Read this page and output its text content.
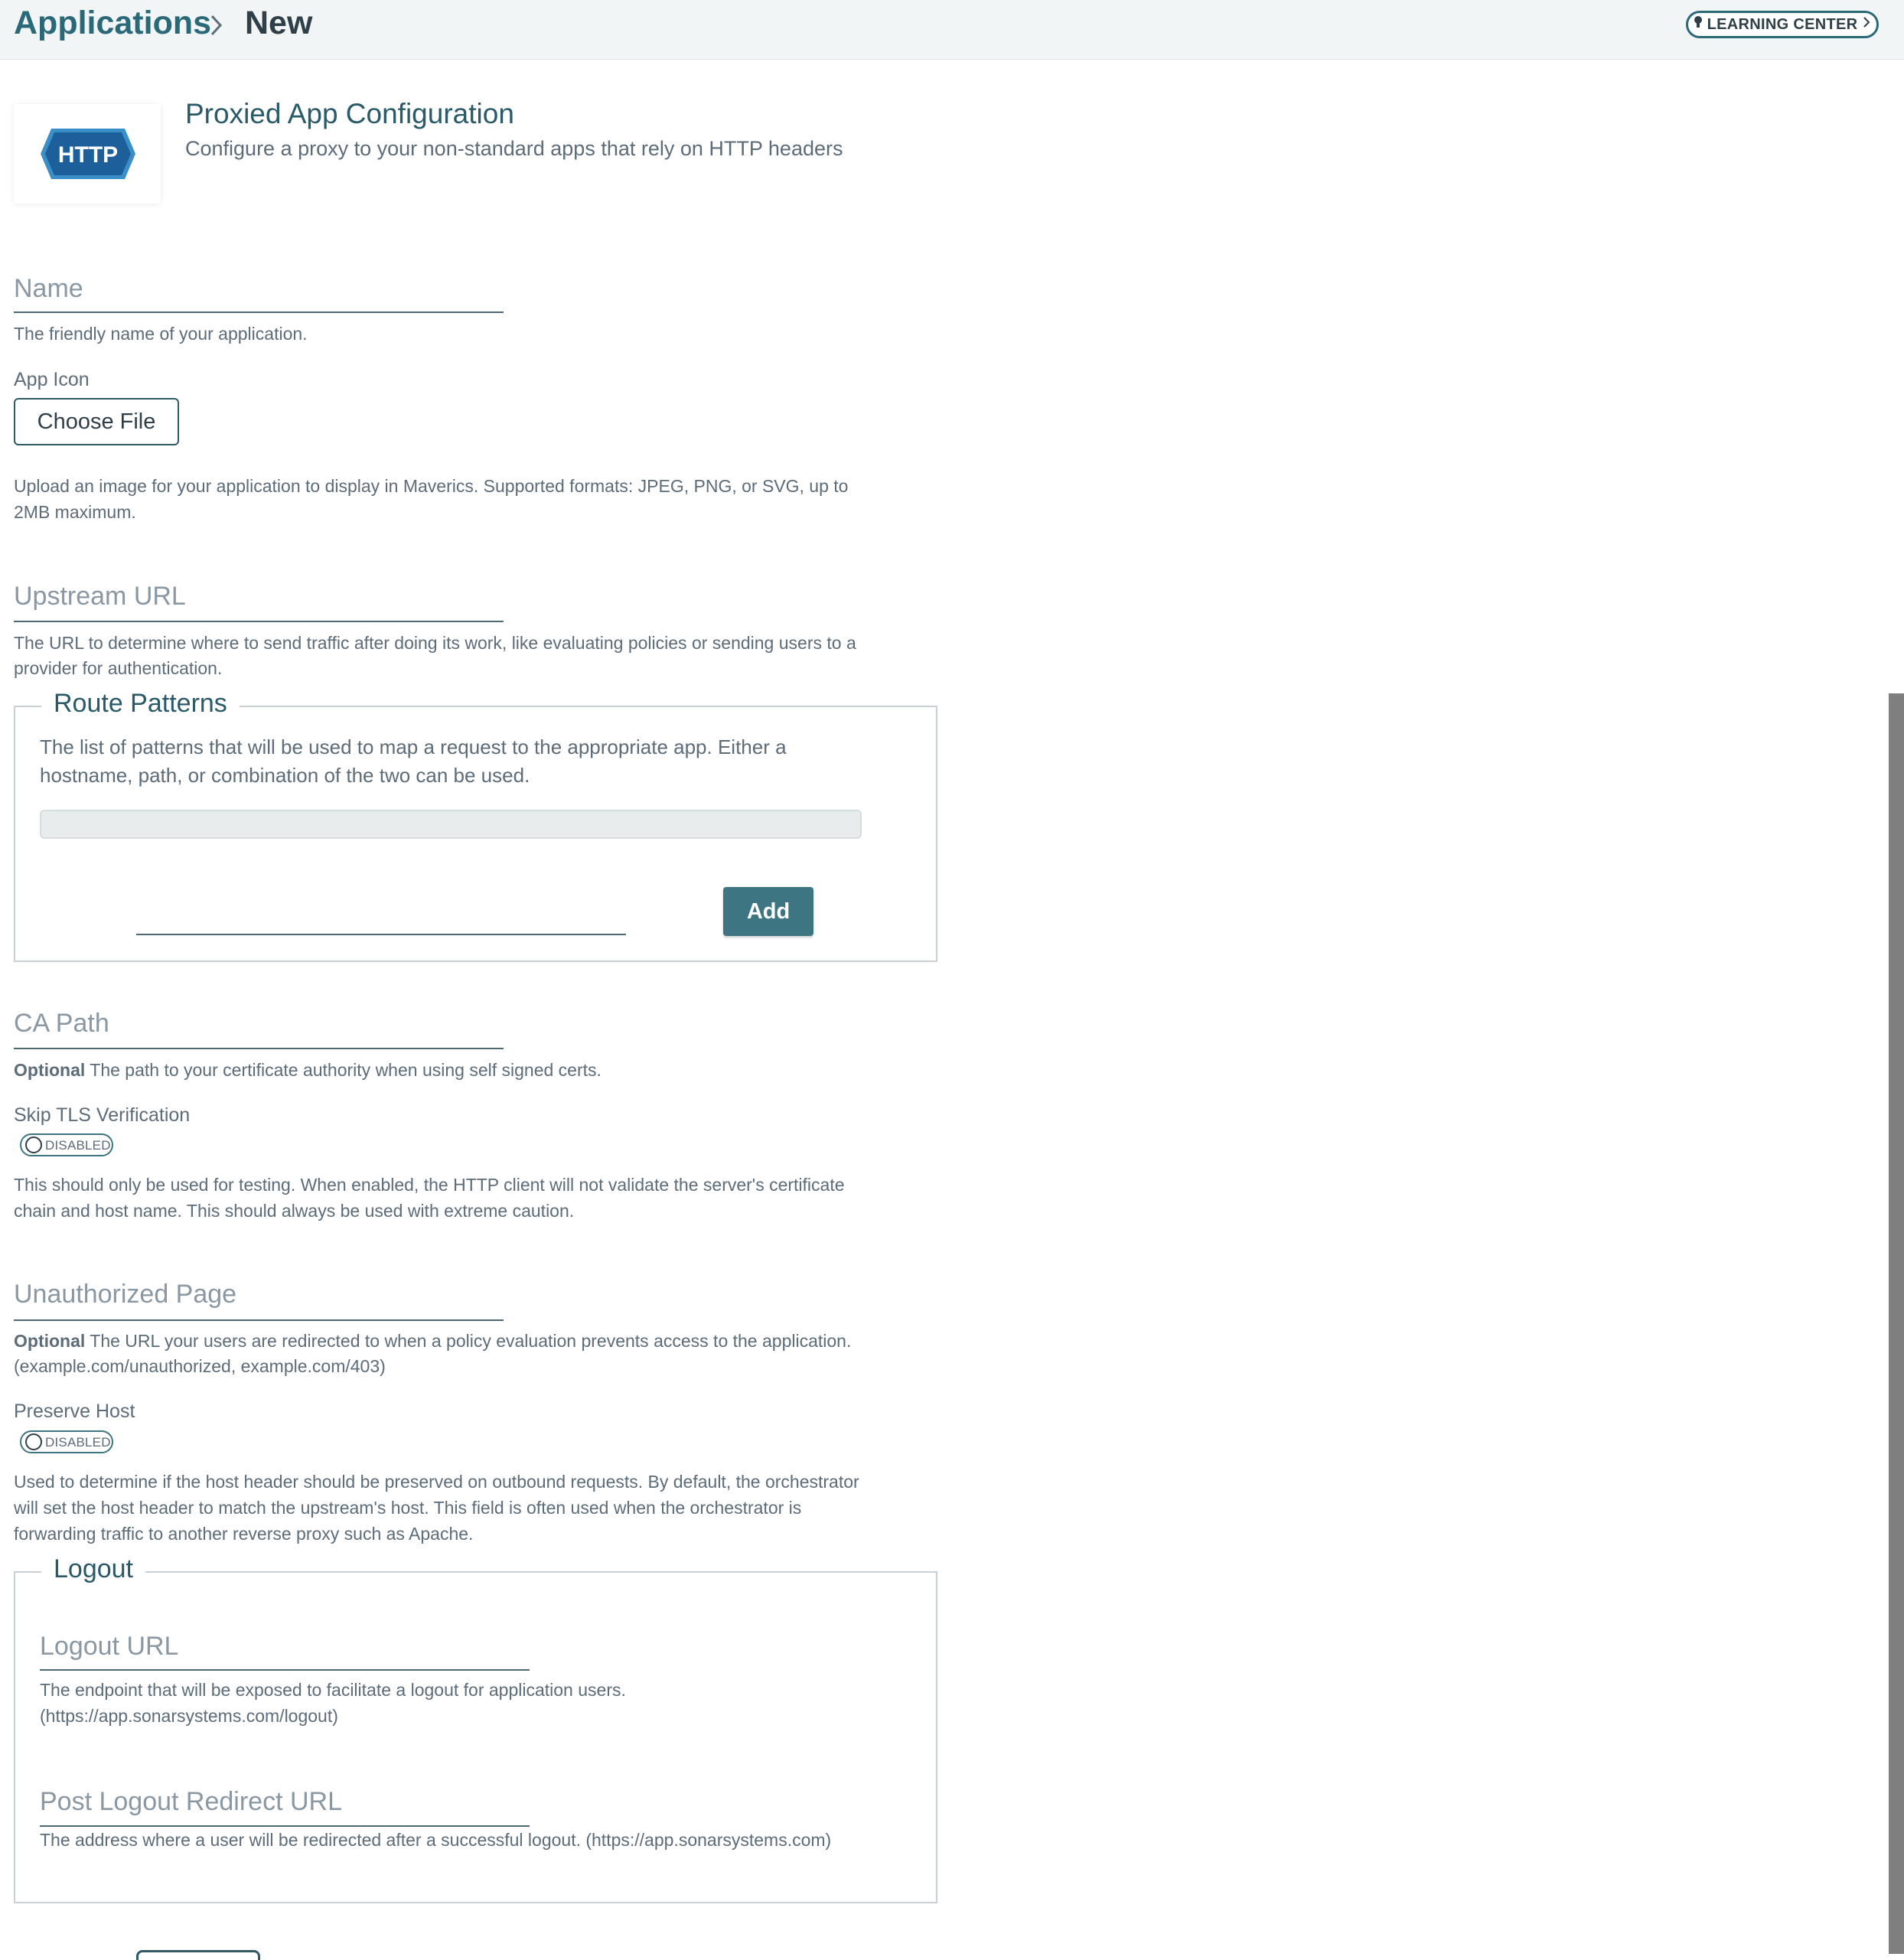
Applications New	LEARNING CENTER
HTTP
Proxied App Configuration
Configure a proxy to your non-standard apps that rely on HTTP headers
Name
The friendly name of your application.
App Icon
Choose File
Upload an image for your application to display in Maverics. Supported formats: JPEG, PNG, or SVG, up to
2MB maximum.
Upstream URL
The URL to determine where to send traffic after doing its work, like evaluating policies or sending users to a
provider for authentication.
Route Patterns
The list of patterns that will be used to map a request to the appropriate app. Either a
hostname, path, or combination of the two can be used.
Add
CA Path
Optional The path to your certificate authority when using self signed certs.
Skip TLS Verification
DISABLED
This should only be used for testing. When enabled, the HTTP client will not validate the server's certificate
chain and host name. This should always be used with extreme caution.
Unauthorized Page
Optional The URL your users are redirected to when a policy evaluation prevents access to the application.
(example.com/unauthorized, example.com/403)
Preserve Host
DISABLED
Used to determine if the host header should be preserved on outbound requests. By default, the orchestrator
will set the host header to match the upstream's host. This field is often used when the orchestrator is
forwarding traffic to another reverse proxy such as Apache.
Logout
Logout URL
The endpoint that will be exposed to facilitate a logout for application users.
(https://app.sonarsystems.com/logout)
Post Logout Redirect URL
The address where a user will be redirected after a successful logout. (https://app.sonarsystems.com)
